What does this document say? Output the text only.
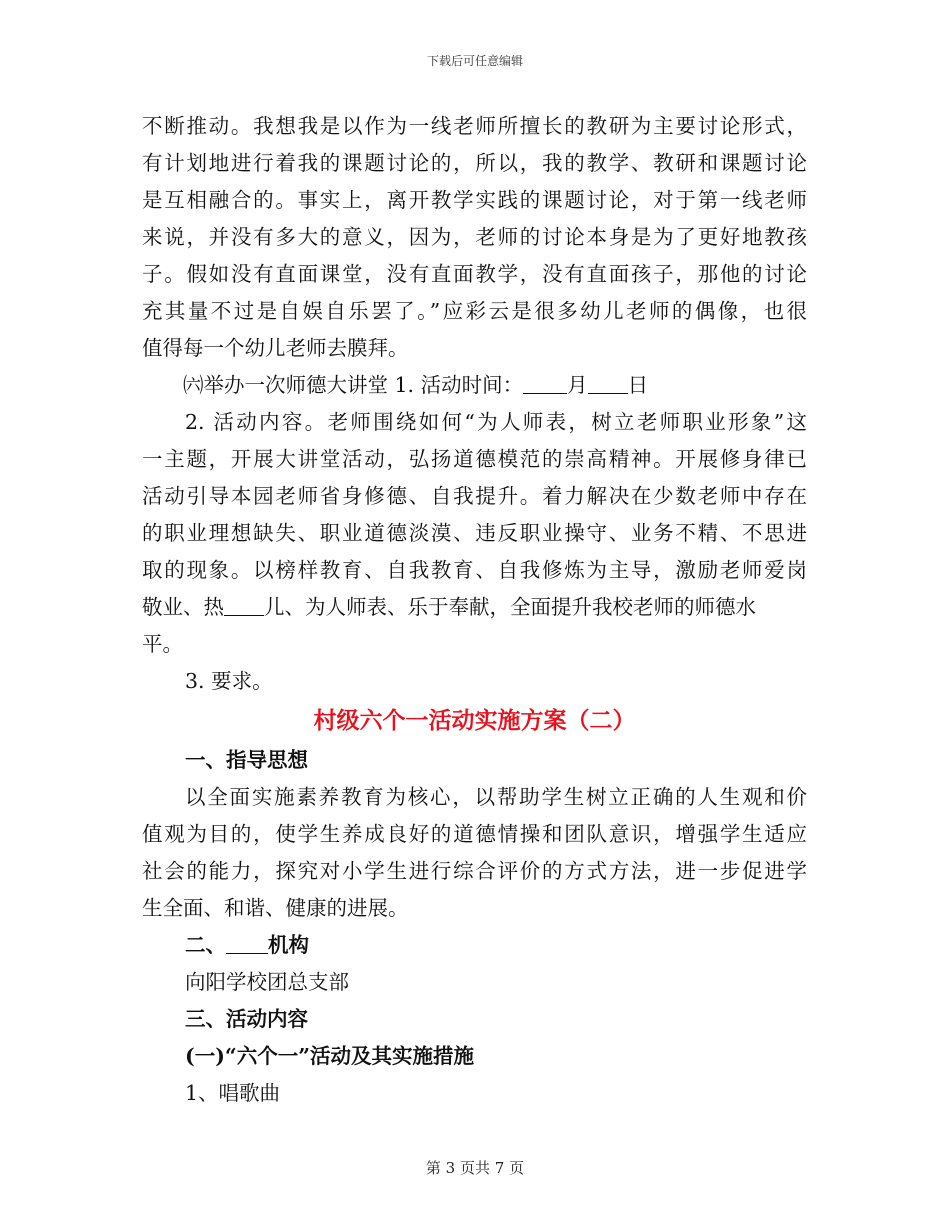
下载后可任意编辑
不断推动。我想我是以作为一线老师所擅长的教研为主要讨论形式，
有计划地进行着我的课题讨论的，所以，我的教学、教研和课题讨论
是互相融合的。事实上，离开教学实践的课题讨论，对于第一线老师
来说，并没有多大的意义，因为，老师的讨论本身是为了更好地教孩
子。假如没有直面课堂，没有直面教学，没有直面孩子，那他的讨论
充其量不过是自娱自乐罢了。”应彩云是很多幼儿老师的偶像，也很
值得每一个幼儿老师去膜拜。
㈥举办一次师德大讲堂 1. 活动时间： 月 日
2. 活动内容。老师围绕如何“为人师表，树立老师职业形象”这
一主题，开展大讲堂活动，弘扬道德模范的崇高精神。开展修身律已
活动引导本园老师省身修德、自我提升。着力解决在少数老师中存在
的职业理想缺失、职业道德淡漠、违反职业操守、业务不精、不思进
取的现象。以榜样教育、自我教育、自我修炼为主导，激励老师爱岗
敬业、热 儿、为人师表、乐于奉献，全面提升我校老师的师德水
平。
3. 要求。
村级六个一活动实施方案（二）
一、指导思想
以全面实施素养教育为核心，以帮助学生树立正确的人生观和价
值观为目的，使学生养成良好的道德情操和团队意识，增强学生适应
社会的能力，探究对小学生进行综合评价的方式方法，进一步促进学
生全面、和谐、健康的进展。
二、 机构
向阳学校团总支部
三、活动内容
(一)“六个一”活动及其实施措施
1、唱歌曲
第 3 页共 7 页
